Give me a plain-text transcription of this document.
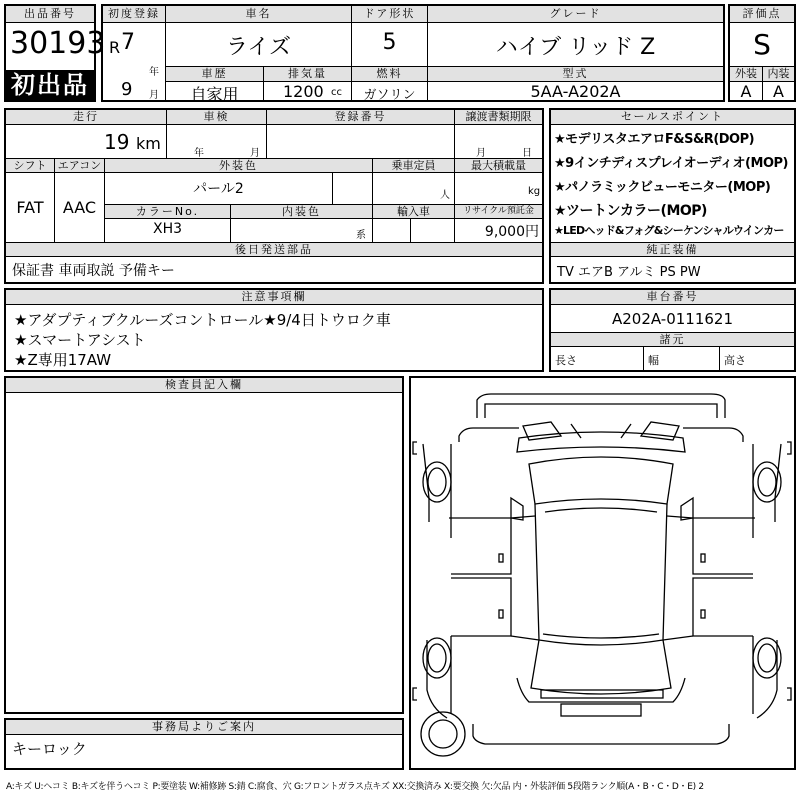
出品番号
30193
初出品
初度登録
R 7
年
9 月
車名
ライズ
ドア形状
5
グレード
ハイブ リッド Z
車歴
自家用
排気量
1200 cc
燃料
ガソリン
型式
5AA-A202A
評価点
S
外装 内装
A	A
走行
19 km
車検
年	月
登録番号	譲渡書類期限
月	日
シフト
FAT
エアコン
AAC
外装色
パール2
乗車定員
人
最大積載量
kg
カラーNo.
XH3
内装色
系
輸入車	リサイクル預託金
9,000円
後日発送部品
保証書 車両取説 予備キー
セールスポイント
★モデリスタエアロF&S&R(DOP)
★9インチディスプレイオーディオ(MOP)
★パノラミックビューモニター(MOP)
★ツートンカラー(MOP)
★LEDヘッド&フォグ&シーケンシャルウインカー
純正装備
TV エアB アルミ PS PW
注意事項欄
★アダプティブクルーズコントロール★9/4日トウロク車
★スマートアシスト
★Z専用17AW
車台番号
A202A-0111621
諸元
長さ	幅	高さ
検査員記入欄
事務局よりご案内
キーロック
A:キズ U:ヘコミ B:キズを伴うヘコミ P:要塗装 W:補修跡 S:錆 C:腐食、穴 G:フロントガラス点キズ XX:交換済み X:要交換 欠:欠品 内・外装評価 5段階ランク順(A・B・C・D・E) 2
